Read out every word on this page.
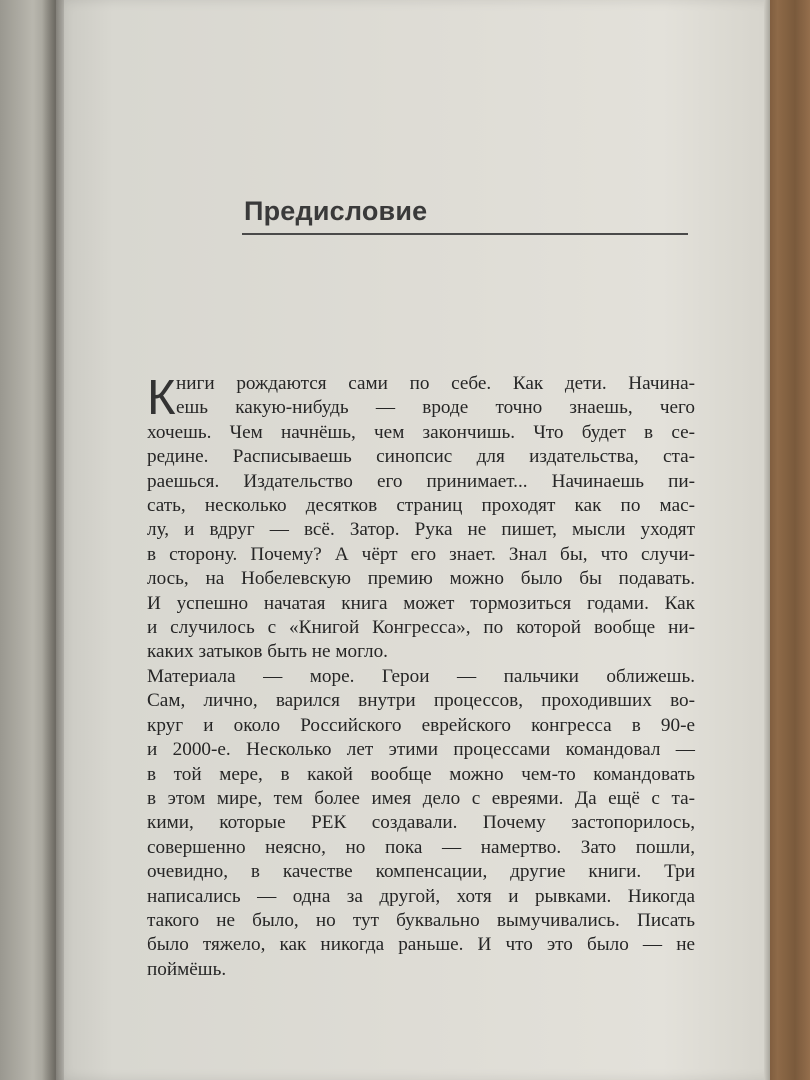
Предисловие
К ниги рождаются сами по себе. Как дети. Начина-
ешь какую-нибудь — вроде точно знаешь, чего
хочешь. Чем начнёшь, чем закончишь. Что будет в се-
редине. Расписываешь синопсис для издательства, ста-
раешься. Издательство его принимает... Начинаешь пи-
сать, несколько десятков страниц проходят как по мас-
лу, и вдруг — всё. Затор. Рука не пишет, мысли уходят
в сторону. Почему? А чёрт его знает. Знал бы, что случи-
лось, на Нобелевскую премию можно было бы подавать.
И успешно начатая книга может тормозиться годами. Как
и случилось с «Книгой Конгресса», по которой вообще ни-
каких затыков быть не могло.
Материала — море. Герои — пальчики оближешь.
Сам, лично, варился внутри процессов, проходивших во-
круг и около Российского еврейского конгресса в 90-е
и 2000-е. Несколько лет этими процессами командовал —
в той мере, в какой вообще можно чем-то командовать
в этом мире, тем более имея дело с евреями. Да ещё с та-
кими, которые РЕК создавали. Почему застопорилось,
совершенно неясно, но пока — намертво. Зато пошли,
очевидно, в качестве компенсации, другие книги. Три
написались — одна за другой, хотя и рывками. Никогда
такого не было, но тут буквально вымучивались. Писать
было тяжело, как никогда раньше. И что это было — не
поймёшь.
